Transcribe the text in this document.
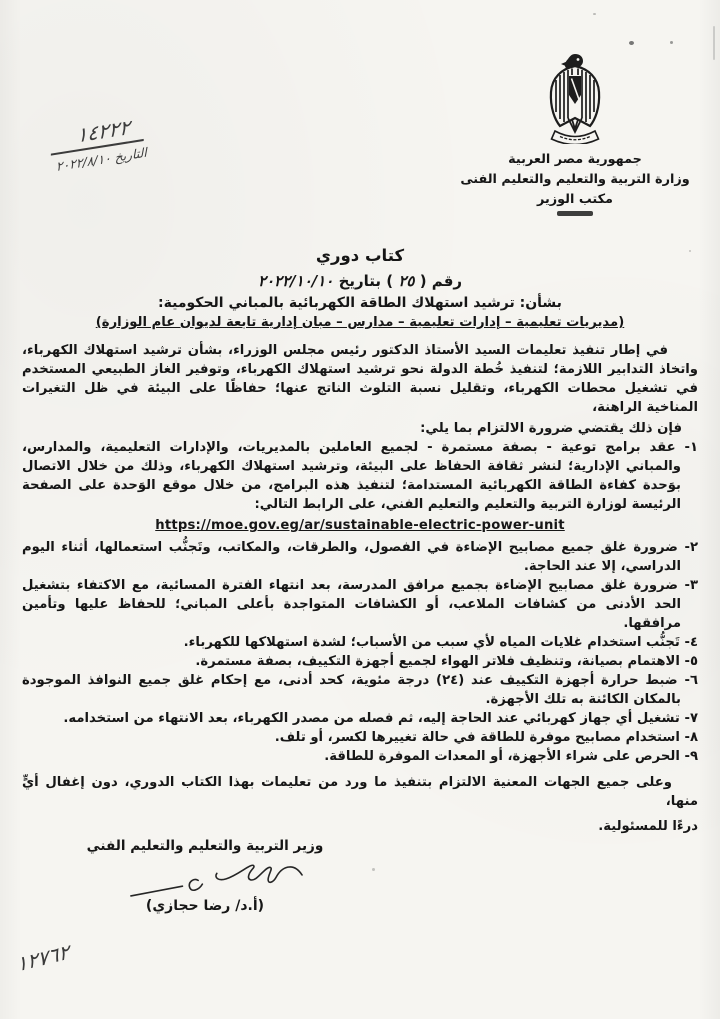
١٤٢٢٢
التاريخ ٢٠٢٢/٨/١٠	جمهورية مصر العربية
وزارة التربية والتعليم والتعليم الفنى
مكتب الوزير
كتاب دوري
رقم ( ٢٥ ) بتاريخ ٢٠٢٢/١٠/١٠
بشأن: ترشيد استهلاك الطاقة الكهربائية بالمباني الحكومية:
(مديريات تعليمية – إدارات تعليمية – مدارس – مبان إدارية تابعة لديوان عام الوزارة)

في إطار تنفيذ تعليمات السيد الأستاذ الدكتور رئيس مجلس الوزراء، بشأن ترشيد استهلاك الكهرباء، واتخاذ التدابير اللازمة؛ لتنفيذ خُطة الدولة نحو ترشيد استهلاك الكهرباء، وتوفير الغاز الطبيعي المستخدم في تشغيل محطات الكهرباء، وتقليل نسبة التلوث الناتج عنها؛ حفاظًا على البيئة في ظل التغيرات المناخية الراهنة،

فإن ذلك يقتضي ضرورة الالتزام بما يلي:

١- عقد برامج توعية - بصفة مستمرة - لجميع العاملين بالمديريات، والإدارات التعليمية، والمدارس، والمباني الإدارية؛ لنشر ثقافة الحفاظ على البيئة، وترشيد استهلاك الكهرباء، وذلك من خلال الاتصال بوَحدة كفاءة الطاقة الكهربائية المستدامة؛ لتنفيذ هذه البرامج، من خلال موقع الوَحدة على الصفحة الرئيسة لوزارة التربية والتعليم والتعليم الفني، على الرابط التالي:
https://moe.gov.eg/ar/sustainable-electric-power-unit
٢- ضرورة غلق جميع مصابيح الإضاءة في الفصول، والطرقات، والمكاتب، وتَجنُّب استعمالها، أثناء اليوم الدراسي، إلا عند الحاجة.
٣- ضرورة غلق مصابيح الإضاءة بجميع مرافق المدرسة، بعد انتهاء الفترة المسائية، مع الاكتفاء بتشغيل الحد الأدنى من كشافات الملاعب، أو الكشافات المتواجدة بأعلى المباني؛ للحفاظ عليها وتأمين مرافقها.
٤- تَجنُّب استخدام غلايات المياه لأي سبب من الأسباب؛ لشدة استهلاكها للكهرباء.
٥- الاهتمام بصيانة، وتنظيف فلاتر الهواء لجميع أجهزة التكييف، بصفة مستمرة.
٦- ضبط حرارة أجهزة التكييف عند (٢٤) درجة مئوية، كحد أدنى، مع إحكام غلق جميع النوافذ الموجودة بالمكان الكائنة به تلك الأجهزة.
٧- تشغيل أي جهاز كهربائي عند الحاجة إليه، ثم فصله من مصدر الكهرباء، بعد الانتهاء من استخدامه.
٨- استخدام مصابيح موفرة للطاقة في حالة تغييرها لكسر، أو تلف.
٩- الحرص على شراء الأجهزة، أو المعدات الموفرة للطاقة.

وعلى جميع الجهات المعنية الالتزام بتنفيذ ما ورد من تعليمات بهذا الكتاب الدوري، دون إغفال أيٍّ منها،

درءًا للمسئولية.

وزير التربية والتعليم والتعليم الفني
(أ.د/ رضا حجازي)
١٢٧٦٢
